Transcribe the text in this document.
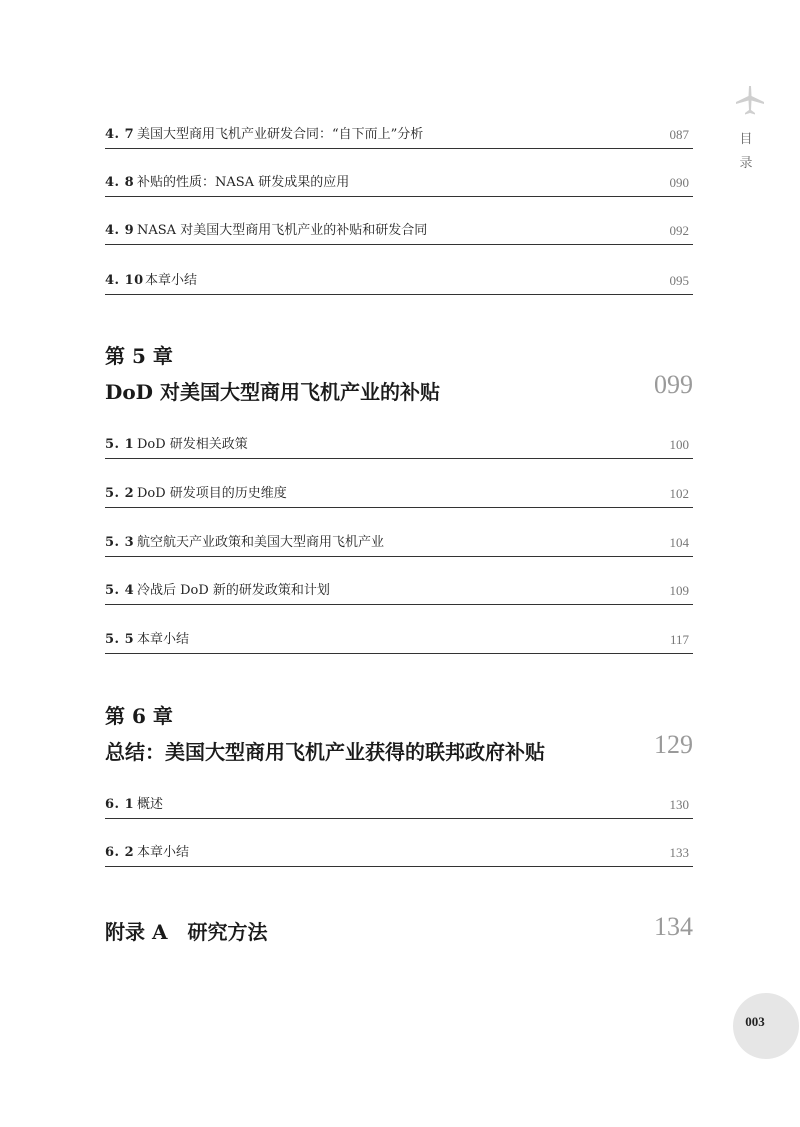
目
录
4. 7 美国大型商用飞机产业研发合同：“自下而上”分析	087
4. 8 补贴的性质：NASA 研发成果的应用	090
4. 9 NASA 对美国大型商用飞机产业的补贴和研发合同	092
4. 10 本章小结	095
第 5 章
DoD 对美国大型商用飞机产业的补贴	099
5. 1 DoD 研发相关政策	100
5. 2 DoD 研发项目的历史维度	102
5. 3 航空航天产业政策和美国大型商用飞机产业	104
5. 4 冷战后 DoD 新的研发政策和计划	109
5. 5 本章小结	117
第 6 章
总结：美国大型商用飞机产业获得的联邦政府补贴	129
6. 1 概述	130
6. 2 本章小结	133
附录 A　研究方法	134
003
